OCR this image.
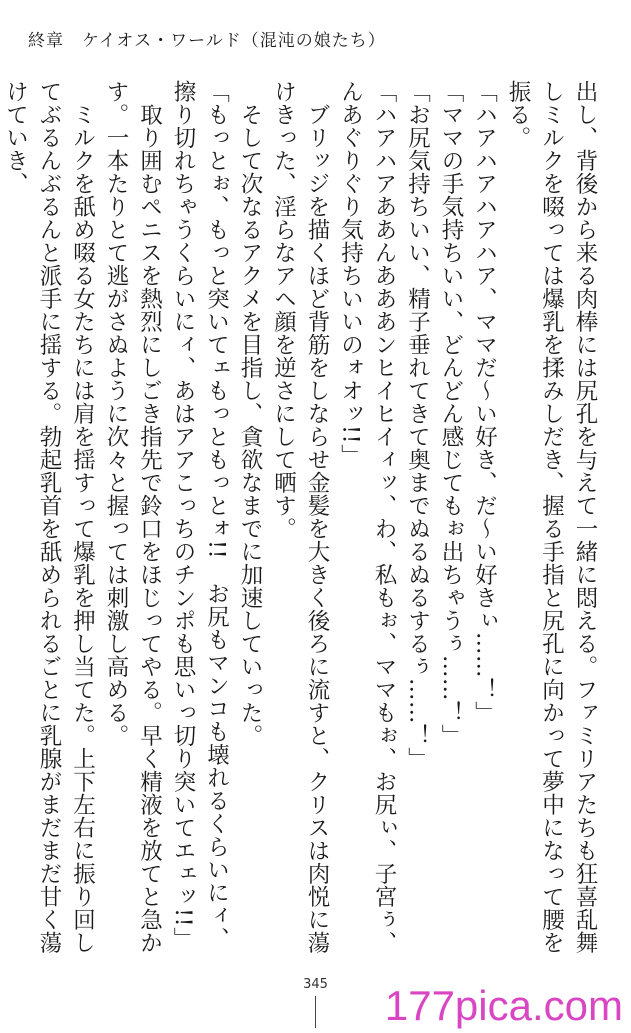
終章　ケイオス・ワールド（混沌の娘たち）

出し、背後から来る肉棒には尻孔を与えて一緒に悶える。ファミリアたちも狂喜乱舞しミルクを啜っては爆乳を揉みしだき、握る手指と尻孔に向かって夢中になって腰を振る。

「ハアハアハアハア、ママだ〜い好き、だ〜い好きぃ……！」

「ママの手気持ちいい、どんどん感じてもぉ出ちゃうぅ……！」

「お尻気持ちいい、精子垂れてきて奥までぬるぬるするぅ……！」

「ハアハアああんあああンヒイヒイィッ、わ、私もぉ、ママもぉ、お尻ぃ、子宮ぅ、んあぐりぐり気持ちいいのォオッ!!」

　ブリッジを描くほど背筋をしならせ金髪を大きく後ろに流すと、クリスは肉悦に蕩けきった、淫らなアヘ顔を逆さにして晒す。

　そして次なるアクメを目指し、貪欲なまでに加速していった。

「もっとぉ、もっと突いてェもっともっとォ!!　お尻もマンコも壊れるくらいにィ、擦り切れちゃうくらいにィ、あはアアこっちのチンポも思いっ切り突いてエェッ!!」

　取り囲むペニスを熱烈にしごき指先で鈴口をほじってやる。早く精液を放てと急かす。一本たりとて逃がさぬように次々と握っては刺激し高める。

　ミルクを舐め啜る女たちには肩を揺すって爆乳を押し当てた。上下左右に振り回してぶるんぶるんと派手に揺する。勃起乳首を舐められるごとに乳腺がまだまだ甘く蕩けていき、

345	177pica.com
